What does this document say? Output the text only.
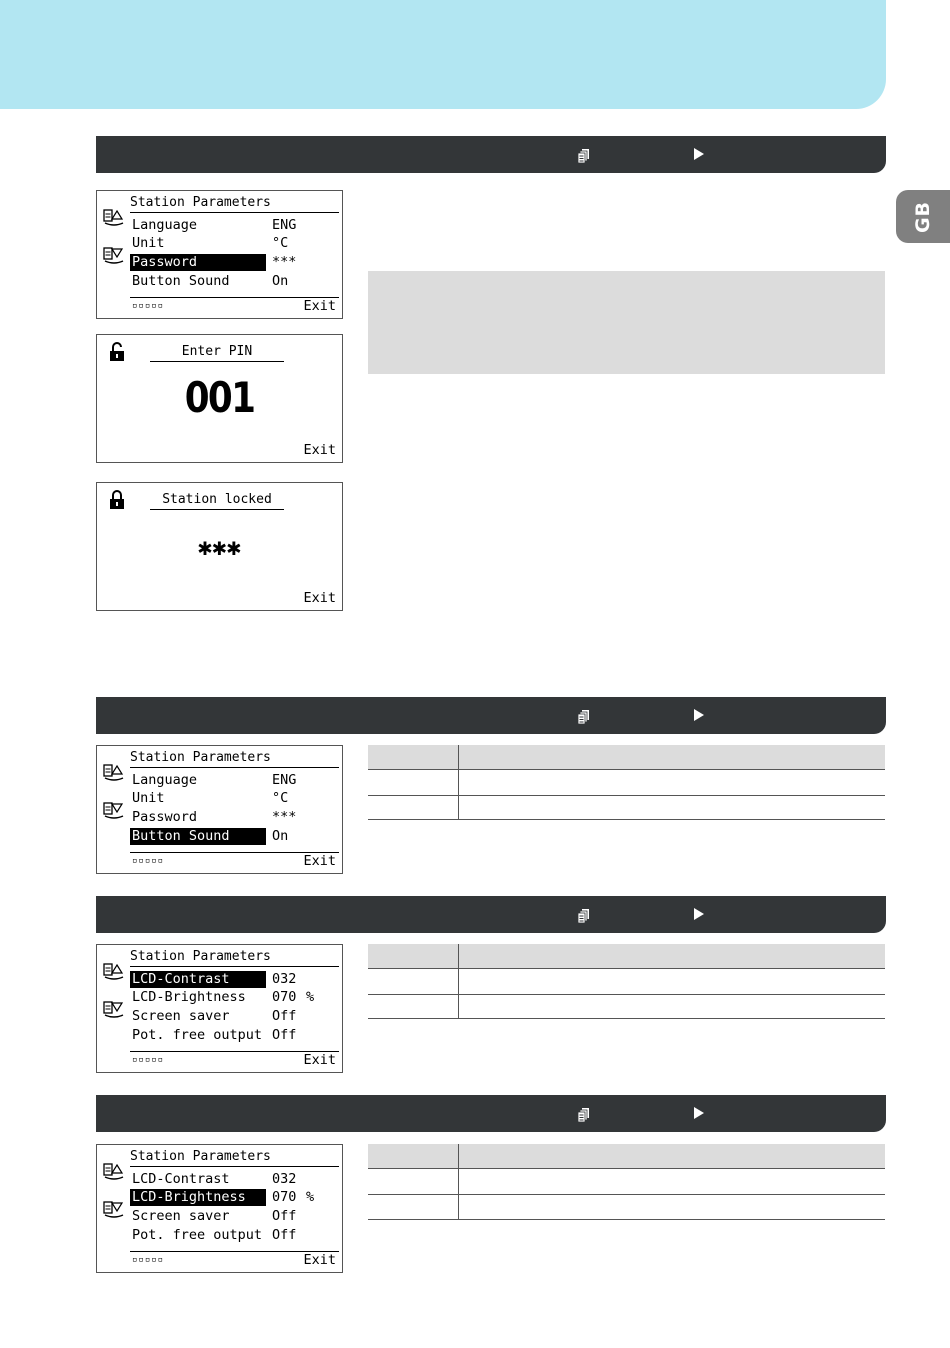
GB
Station Parameters
Language	ENG
Unit	°C
Password	***
Button Sound	On
▫▫▫▫▫	Exit
Enter PIN
001
Exit
Station locked
✱✱✱
Exit
Station Parameters
Language	ENG
Unit	°C
Password	***
Button Sound	On
▫▫▫▫▫	Exit
Station Parameters
LCD-Contrast	032
LCD-Brightness	070 %
Screen saver	Off
Pot. free output Off
▫▫▫▫▫	Exit
Station Parameters
LCD-Contrast	032
LCD-Brightness	070 %
Screen saver	Off
Pot. free output Off
▫▫▫▫▫	Exit
